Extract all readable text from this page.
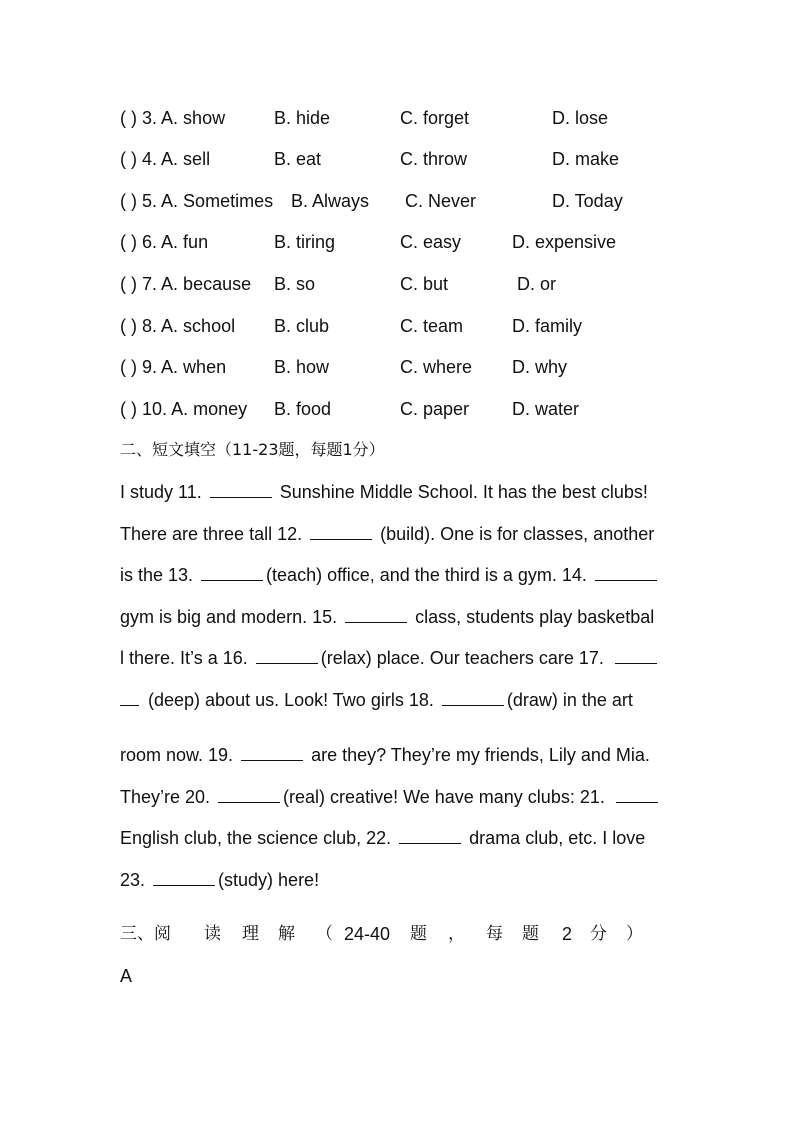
( ) 3. A. show	B. hide	C. forget	D. lose
( ) 4. A. sell	B. eat	C. throw	D. make
( ) 5. A. Sometimes B. Always C. Never	D. Today
( ) 6. A. fun	B. tiring	C. easy	D. expensive
( ) 7. A. because B. so	C. but	D. or
( ) 8. A. school B. club	C. team	D. family
( ) 9. A. when	B. how	C. where D. why
( ) 10. A. money B. food	C. paper D. water
二、短文填空（11-23题，每题1分）
I study 11.	Sunshine Middle School. It has the best clubs!
There are three tall 12.	(build). One is for classes, another
is the 13.	(teach) office, and the third is a gym. 14.
gym is big and modern. 15.	class, students play basketbal
l there. It’s a 16.	(relax) place. Our teachers care 17.
(deep) about us. Look! Two girls 18.	(draw) in the art
room now. 19.	are they? They’re my friends, Lily and Mia.
They’re 20.	(real) creative! We have many clubs: 21.
English club, the science club, 22.	drama club, etc. I love
23.	(study) here!
三、阅 读 理 解 （ 24-40 题 ， 每 题 2 分 ）
A
